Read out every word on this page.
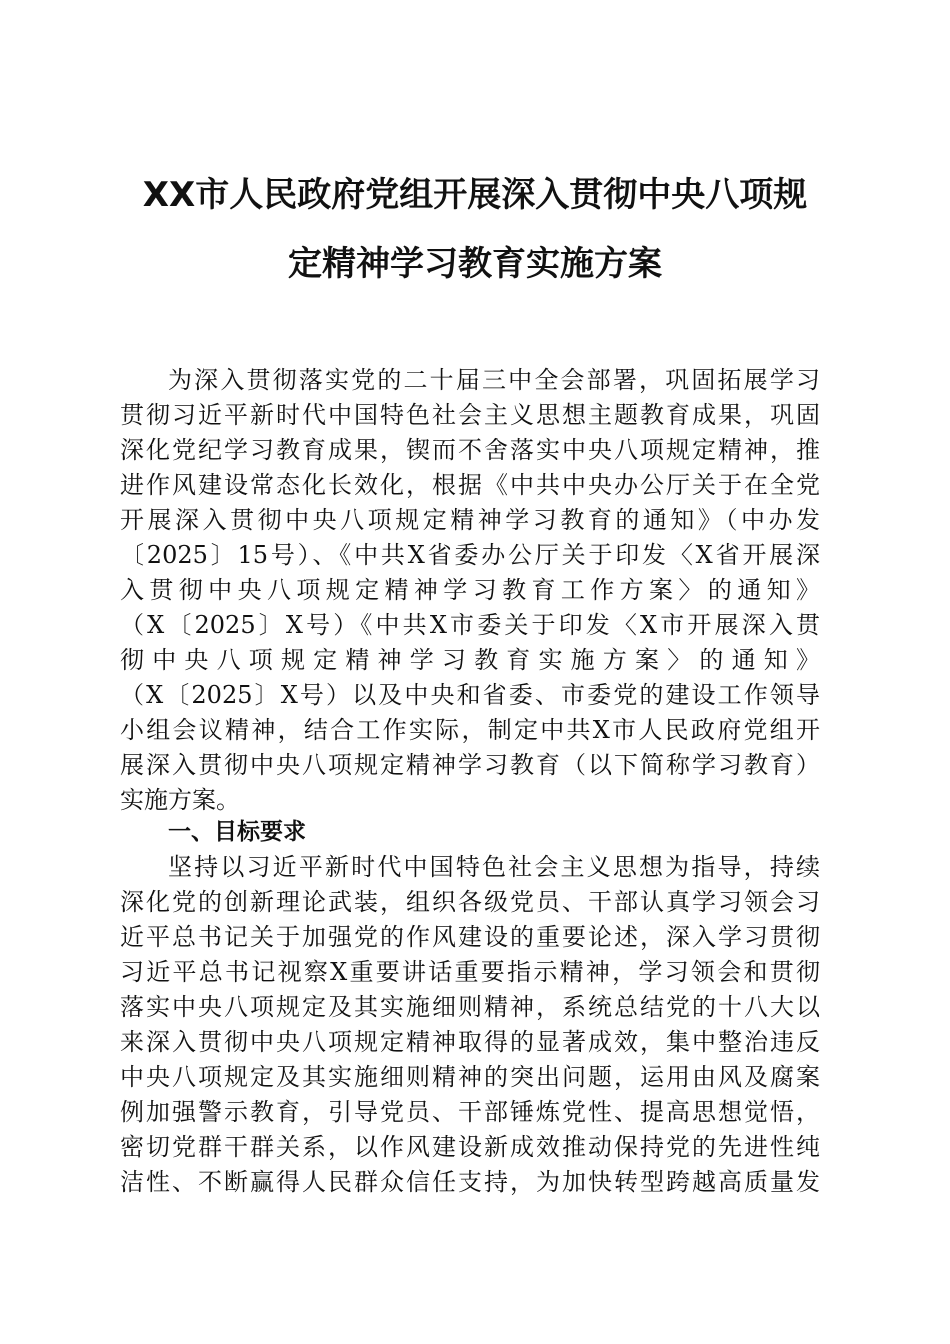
XX市人民政府党组开展深入贯彻中央八项规
定精神学习教育实施方案
为深入贯彻落实党的二十届三中全会部署，巩固拓展学习
贯彻习近平新时代中国特色社会主义思想主题教育成果，巩固
深化党纪学习教育成果，锲而不舍落实中央八项规定精神，推
进作风建设常态化长效化，根据《中共中央办公厅关于在全党
开展深入贯彻中央八项规定精神学习教育的通知》（中办发
〔2025〕15号）、《中共X省委办公厅关于印发〈X省开展深
入贯彻中央八项规定精神学习教育工作方案〉的通知》
（X〔2025〕X号）《中共X市委关于印发〈X市开展深入贯
彻中央八项规定精神学习教育实施方案〉的通知》
（X〔2025〕X号）以及中央和省委、市委党的建设工作领导
小组会议精神，结合工作实际，制定中共X市人民政府党组开
展深入贯彻中央八项规定精神学习教育（以下简称学习教育）
实施方案。
一、目标要求
坚持以习近平新时代中国特色社会主义思想为指导，持续
深化党的创新理论武装，组织各级党员、干部认真学习领会习
近平总书记关于加强党的作风建设的重要论述，深入学习贯彻
习近平总书记视察X重要讲话重要指示精神，学习领会和贯彻
落实中央八项规定及其实施细则精神，系统总结党的十八大以
来深入贯彻中央八项规定精神取得的显著成效，集中整治违反
中央八项规定及其实施细则精神的突出问题，运用由风及腐案
例加强警示教育，引导党员、干部锤炼党性、提高思想觉悟，
密切党群干群关系，以作风建设新成效推动保持党的先进性纯
洁性、不断赢得人民群众信任支持，为加快转型跨越高质量发
